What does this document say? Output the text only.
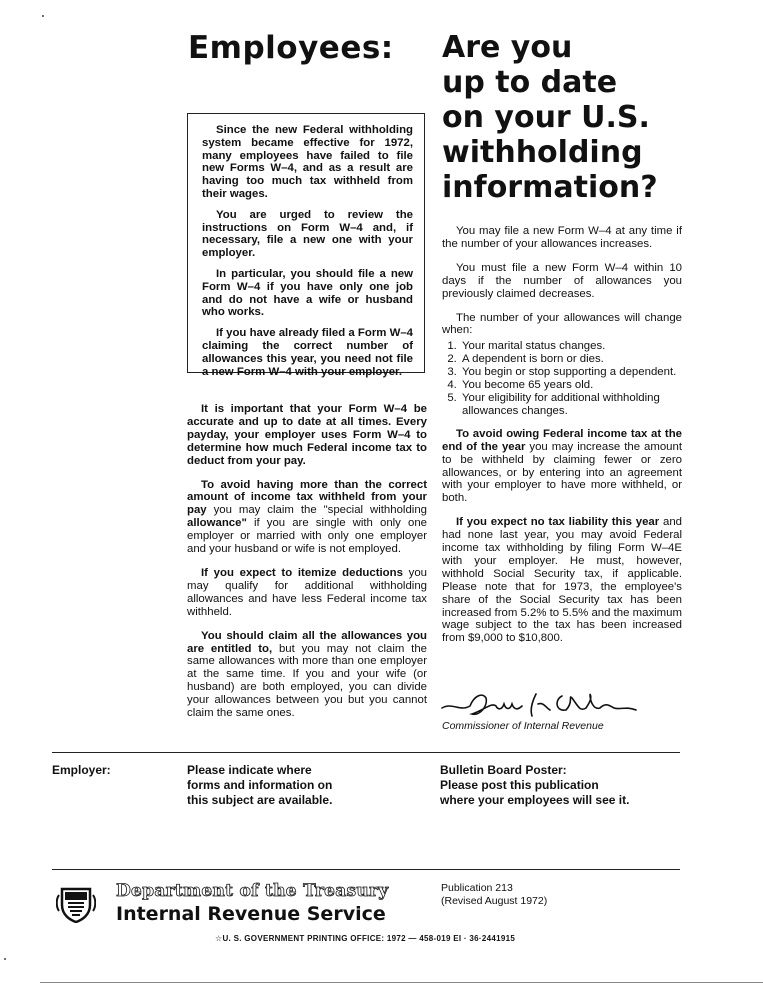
Employees: Are you
up to date
on your U.S.
withholding
information?

Since the new Federal withholding system became effective for 1972, many employees have failed to file new Forms W–4, and as a result are having too much tax withheld from their wages.

You are urged to review the instructions on Form W–4 and, if necessary, file a new one with your employer.

In particular, you should file a new Form W–4 if you have only one job and do not have a wife or husband who works.

If you have already filed a Form W–4 claiming the correct number of allowances this year, you need not file a new Form W–4 with your employer.

It is important that your Form W–4 be accurate and up to date at all times. Every payday, your employer uses Form W–4 to determine how much Federal income tax to deduct from your pay.

To avoid having more than the correct amount of income tax withheld from your pay you may claim the "special withholding allowance" if you are single with only one employer or married with only one employer and your husband or wife is not employed.

If you expect to itemize deductions you may qualify for additional withholding allowances and have less Federal income tax withheld.

You should claim all the allowances you are entitled to, but you may not claim the same allowances with more than one employer at the same time. If you and your wife (or husband) are both employed, you can divide your allowances between you but you cannot claim the same ones.

You may file a new Form W–4 at any time if the number of your allowances increases.

You must file a new Form W–4 within 10 days if the number of allowances you previously claimed decreases.

The number of your allowances will change when:

1. Your marital status changes.
2. A dependent is born or dies.
3. You begin or stop supporting a dependent.
4. You become 65 years old.
5. Your eligibility for additional withholding allowances changes.

To avoid owing Federal income tax at the end of the year you may increase the amount to be withheld by claiming fewer or zero allowances, or by entering into an agreement with your employer to have more withheld, or both.

If you expect no tax liability this year and had none last year, you may avoid Federal income tax withholding by filing Form W–4E with your employer. He must, however, withhold Social Security tax, if applicable. Please note that for 1973, the employee's share of the Social Security tax has been increased from 5.2% to 5.5% and the maximum wage subject to the tax has been increased from $9,000 to $10,800.

Commissioner of Internal Revenue
Employer:	Please indicate where
forms and information on
this subject are available.
Bulletin Board Poster:
Please post this publication
where your employees will see it.
Department of the Treasury
Internal Revenue Service
Publication 213
(Revised August 1972)
☆U. S. GOVERNMENT PRINTING OFFICE: 1972 — 458-019 EI · 36·2441915
